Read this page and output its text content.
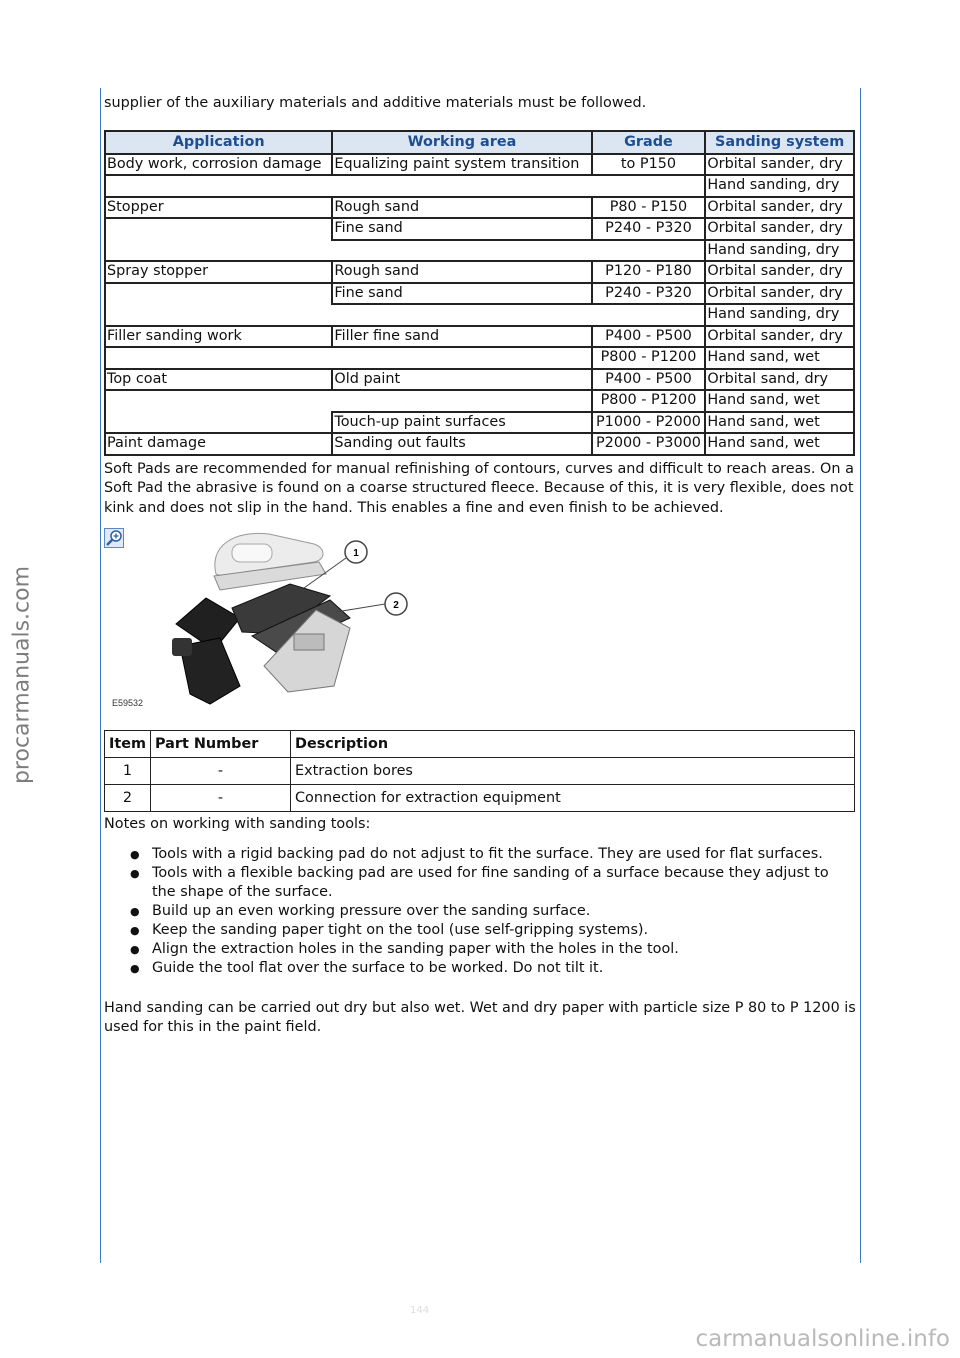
procarmanuals.com
carmanualsonline.info
144

supplier of the auxiliary materials and additive materials must be followed.

Application	Working area	Grade	Sanding system
Body work, corrosion damage	Equalizing paint system transition	to P150	Orbital sander, dry
			Hand sanding, dry
Stopper	Rough sand	P80 - P150	Orbital sander, dry
	Fine sand	P240 - P320	Orbital sander, dry
			Hand sanding, dry
Spray stopper	Rough sand	P120 - P180	Orbital sander, dry
	Fine sand	P240 - P320	Orbital sander, dry
			Hand sanding, dry
Filler sanding work	Filler fine sand	P400 - P500	Orbital sander, dry
		P800 - P1200	Hand sand, wet
Top coat	Old paint	P400 - P500	Orbital sand, dry
		P800 - P1200	Hand sand, wet
	Touch-up paint surfaces	P1000 - P2000	Hand sand, wet
Paint damage	Sanding out faults	P2000 - P3000	Hand sand, wet

Soft Pads are recommended for manual refinishing of contours, curves and difficult to reach areas. On a Soft Pad the abrasive is found on a coarse structured fleece. Because of this, it is very flexible, does not kink and does not slip in the hand. This enables a fine and even finish to be achieved.

1
2
E59532
Item	Part Number	Description
1	-	Extraction bores
2	-	Connection for extraction equipment

Notes on working with sanding tools:

● Tools with a rigid backing pad do not adjust to fit the surface. They are used for flat surfaces.
● Tools with a flexible backing pad are used for fine sanding of a surface because they adjust to the shape of the surface.
● Build up an even working pressure over the sanding surface.
● Keep the sanding paper tight on the tool (use self-gripping systems).
● Align the extraction holes in the sanding paper with the holes in the tool.
● Guide the tool flat over the surface to be worked. Do not tilt it.

Hand sanding can be carried out dry but also wet. Wet and dry paper with particle size P 80 to P 1200 is used for this in the paint field.
